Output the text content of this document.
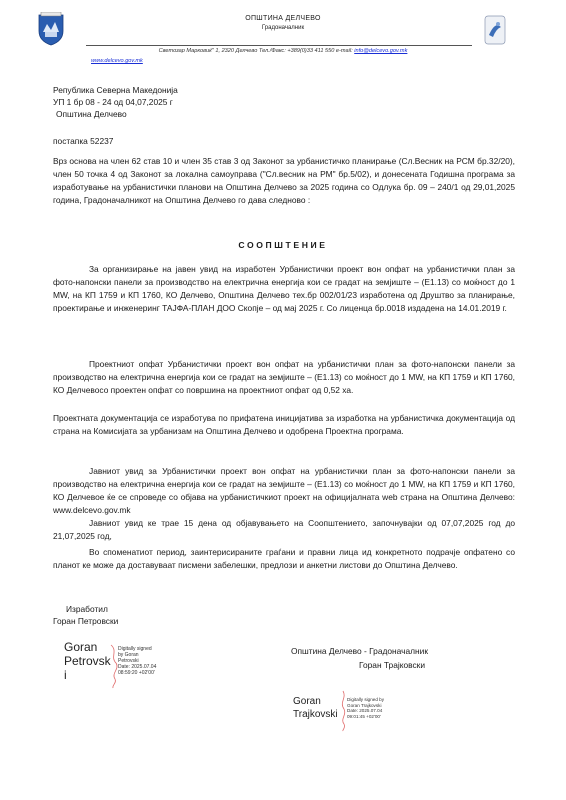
ОПШТИНА ДЕЛЧЕВО
Градоначалник
Светозар Марковиќ" 1, 2320 Делчево Тел./Факс: +389(0)33 411 550 e-mail: info@delcevo.gov.mk
www.delcevo.gov.mk
Република Северна Македонија
УП 1 бр 08 - 24 од 04,07,2025 г
Општина Делчево
постапка 52237
Врз основа на член 62 став 10 и член 35 став 3 од Законот за урбанистичко планирање (Сл.Весник на РСМ бр.32/20), член 50 точка 4 од Законот за локална самоуправа ("Сл.весник на РМ" бр.5/02), и донесената Годишна програма за изработување на урбанистички планови на Општина Делчево за 2025 година со Одлука бр. 09 – 240/1 од 29,01,2025 година, Градоначалникот на Општина Делчево го дава следново :
СООПШТЕНИЕ
За организирање на јавен увид на изработен Урбанистички проект вон опфат на урбанистички план за фото-напонски панели за производство на електрична енергија кои се градат на земјиште – (Е1.13) со моќност до 1 MW, на КП 1759 и КП 1760, КО Делчево, Општина Делчево тех.бр 002/01/23 изработена од Друштво за планирање, проектирање и инженеринг ТАЈФА-ПЛАН ДОО Скопје – од мај 2025 г. Со лиценца бр.0018 издадена на 14.01.2019 г.
Проектниот опфат Урбанистички проект вон опфат на урбанистички план за фото-напонски панели за производство на електрична енергија кои се градат на земјиште – (Е1.13) со моќност до 1 MW, на КП 1759 и КП 1760, КО Делчевосо проектен опфат со површина на проектниот опфат од 0,52 ха.
Проектната документација се изработува по прифатена иницијатива за изработка на урбанистичка документација од страна на Комисијата за урбанизам на Општина Делчево и одобрена Проектна програма.
Јавниот увид за Урбанистички проект вон опфат на урбанистички план за фото-напонски панели за производство на електрична енергија кои се градат на земјиште – (Е1.13) со моќност до 1 MW, на КП 1759 и КП 1760, КО Делчевое ќе се спроведе со објава на урбанистичкиот проект на официјалната web страна на Општина Делчево: www.delcevo.gov.mk
Јавниот увид ке трае 15 дена од објавувањето на Соопштението, започнувајки од 07,07,2025 год до 21,07,2025 год,
Во спомeнатиот период, заинтерисираните граѓани и правни лица ид конкретното подрачје опфатено со планот ке може да доставуваат писмени забелешки, предлози и анкетни листови до Општина Делчево.
Изработил
Горан Петровски
Општина Делчево - Градоначалник
Горан Трајковски
Goran
Petrovsk
i
Digitally signed
by Goran
Petrovski
Date: 2025.07.04
08:59:20 +02'00'
Goran
Trajkovski
Digitally signed by
Goran Trajkovski
Date: 2025.07.04
09:01:45 +02'00'
